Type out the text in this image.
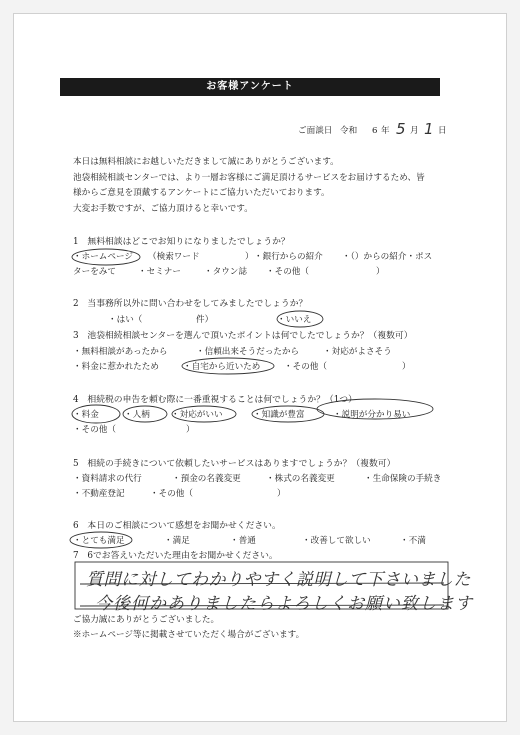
お客様アンケート
ご面談日 令和 6 年 5 月 1 日
本日は無料相談にお越しいただきまして誠にありがとうございます。
池袋相続相談センターでは、より一層お客様にご満足頂けるサービスをお届けするため、皆
様からご意見を頂戴するアンケートにご協力いただいております。
大変お手数ですが、ご協力頂けると幸いです。
1　無料相談はどこでお知りになりましたでしょうか？
・ホームページ （検索ワード	） ・銀行からの紹介 ・（）からの紹介・ポス
ターをみて	・セミナー	・タウン誌 ・その他（	）
2　当事務所以外に問い合わせをしてみましたでしょうか？
・はい（	件）	・いいえ
3　池袋相続相談センターを選んで頂いたポイントは何でしたでしょうか？（複数可）
・無料相談があったから	・信頼出来そうだったから	・対応がよさそう
・料金に惹かれたため	・自宅から近いため	・その他（	）
4　相続税の申告を頼む際に一番重視することは何でしょうか？（1つ）
・料金	・人柄 ・対応がいい	・知識が豊富	・説明が分かり易い
・その他（	）
5　相続の手続きについて依頼したいサービスはありますでしょうか？（複数可）
・資料請求の代行	・預金の名義変更	・株式の名義変更	・生命保険の手続き
・不動産登記	・その他（	）
6　本日のご相談について感想をお聞かせください。
・とても満足	・満足	・普通	・改善して欲しい	・不満
7　6でお答えいただいた理由をお聞かせください。
質問に対してわかりやすく説明して下さいました
今後何かありましたらよろしくお願い致します
ご協力誠にありがとうございました。
※ホームページ等に掲載させていただく場合がございます。
